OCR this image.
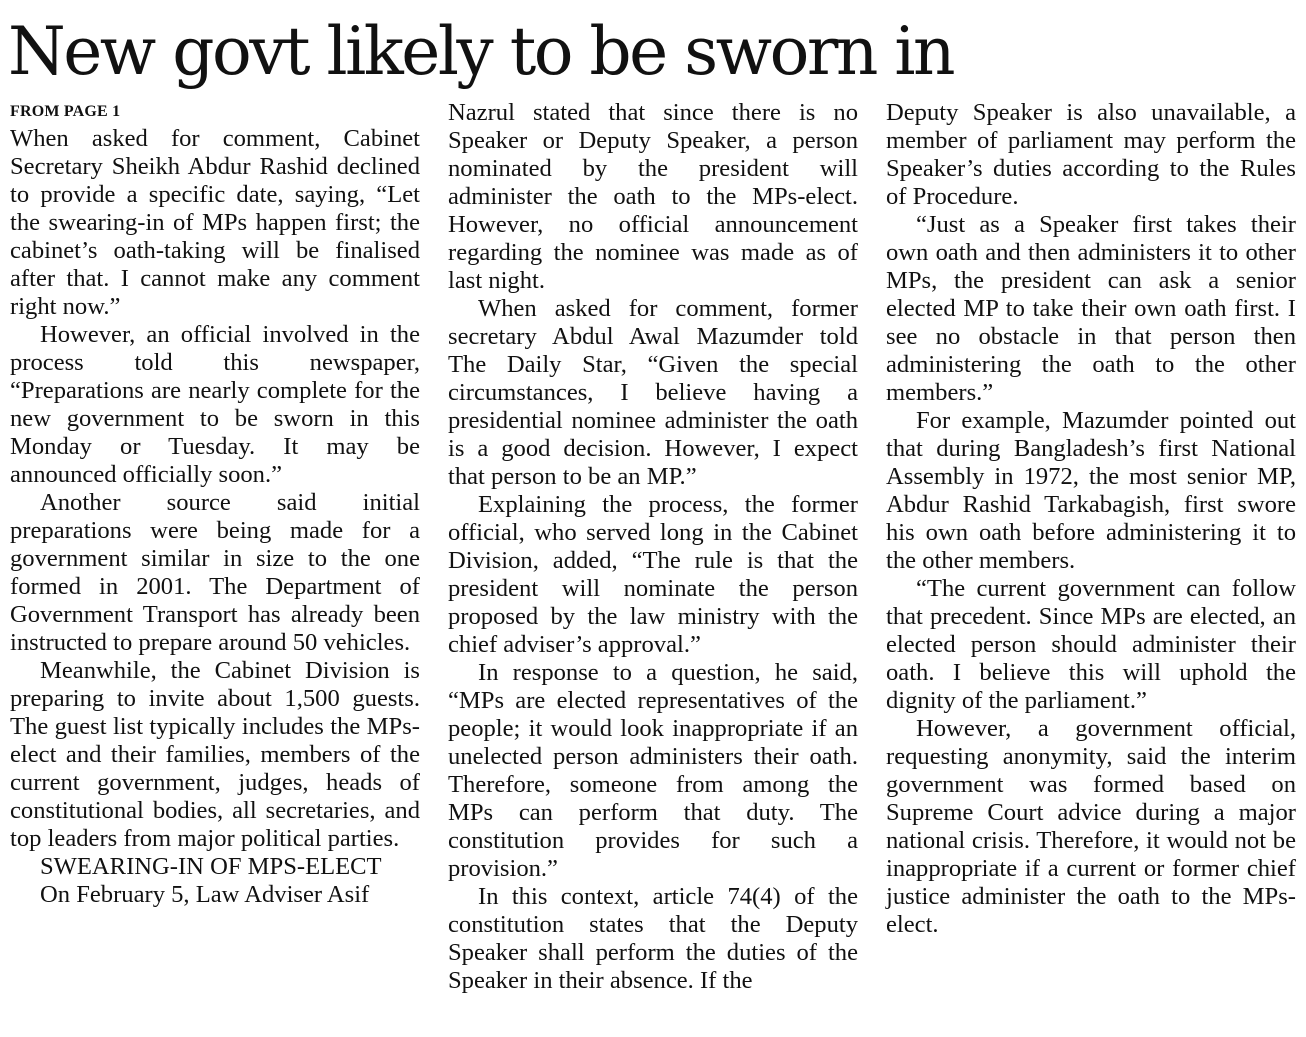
New govt likely to be sworn in
FROM PAGE 1

When asked for comment, Cabinet Secretary Sheikh Abdur Rashid declined to provide a specific date, saying, “Let the swearing-in of MPs happen first; the cabinet’s oath-taking will be finalised after that. I cannot make any comment right now.”

However, an official involved in the process told this newspaper, “Preparations are nearly complete for the new government to be sworn in this Monday or Tuesday. It may be announced officially soon.”

Another source said initial preparations were being made for a government similar in size to the one formed in 2001. The Department of Government Transport has already been instructed to prepare around 50 vehicles.

Meanwhile, the Cabinet Division is preparing to invite about 1,500 guests. The guest list typically includes the MPs-elect and their families, members of the current government, judges, heads of constitutional bodies, all secretaries, and top leaders from major political parties.

SWEARING-IN OF MPS-ELECT

On February 5, Law Adviser Asif

Nazrul stated that since there is no Speaker or Deputy Speaker, a person nominated by the president will administer the oath to the MPs-elect. However, no official announcement regarding the nominee was made as of last night.

When asked for comment, former secretary Abdul Awal Mazumder told The Daily Star, “Given the special circumstances, I believe having a presidential nominee administer the oath is a good decision. However, I expect that person to be an MP.”

Explaining the process, the former official, who served long in the Cabinet Division, added, “The rule is that the president will nominate the person proposed by the law ministry with the chief adviser’s approval.”

In response to a question, he said, “MPs are elected representatives of the people; it would look inappropriate if an unelected person administers their oath. Therefore, someone from among the MPs can perform that duty. The constitution provides for such a provision.”

In this context, article 74(4) of the constitution states that the Deputy Speaker shall perform the duties of the Speaker in their absence. If the

Deputy Speaker is also unavailable, a member of parliament may perform the Speaker’s duties according to the Rules of Procedure.

“Just as a Speaker first takes their own oath and then administers it to other MPs, the president can ask a senior elected MP to take their own oath first. I see no obstacle in that person then administering the oath to the other members.”

For example, Mazumder pointed out that during Bangladesh’s first National Assembly in 1972, the most senior MP, Abdur Rashid Tarkabagish, first swore his own oath before administering it to the other members.

“The current government can follow that precedent. Since MPs are elected, an elected person should administer their oath. I believe this will uphold the dignity of the parliament.”

However, a government official, requesting anonymity, said the interim government was formed based on Supreme Court advice during a major national crisis. Therefore, it would not be inappropriate if a current or former chief justice administer the oath to the MPs-elect.
